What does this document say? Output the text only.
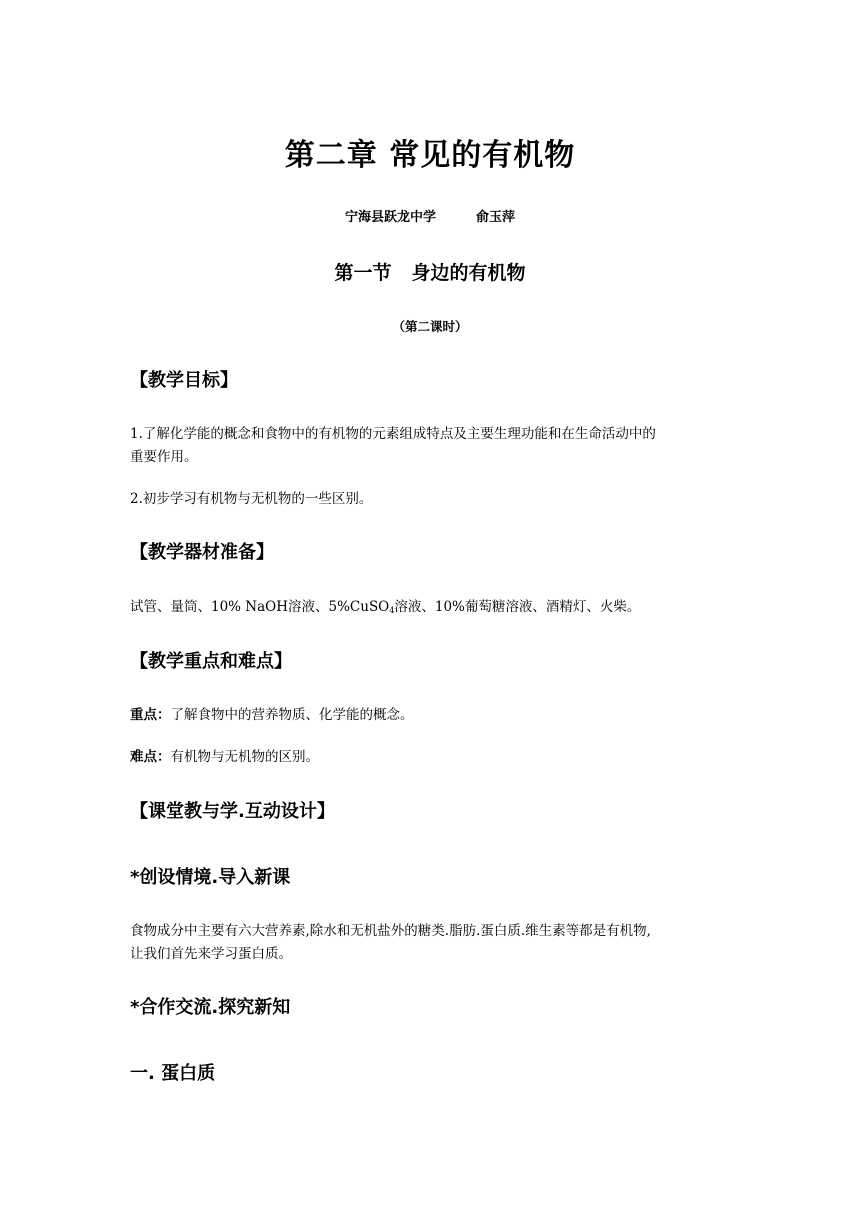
第二章 常见的有机物
宁海县跃龙中学	俞玉萍
第一节 身边的有机物
（第二课时）
【教学目标】
1.了解化学能的概念和食物中的有机物的元素组成特点及主要生理功能和在生命活动中的
重要作用。
2.初步学习有机物与无机物的一些区别。
【教学器材准备】
试管、量筒、10% NaOH溶液、5%CuSO$_4$溶液、10%葡萄糖溶液、酒精灯、火柴。
【教学重点和难点】
重点：了解食物中的营养物质、化学能的概念。
难点：有机物与无机物的区别。
【课堂教与学.互动设计】
*创设情境.导入新课
食物成分中主要有六大营养素,除水和无机盐外的糖类.脂肪.蛋白质.维生素等都是有机物,
让我们首先来学习蛋白质。
*合作交流.探究新知
一. 蛋白质
